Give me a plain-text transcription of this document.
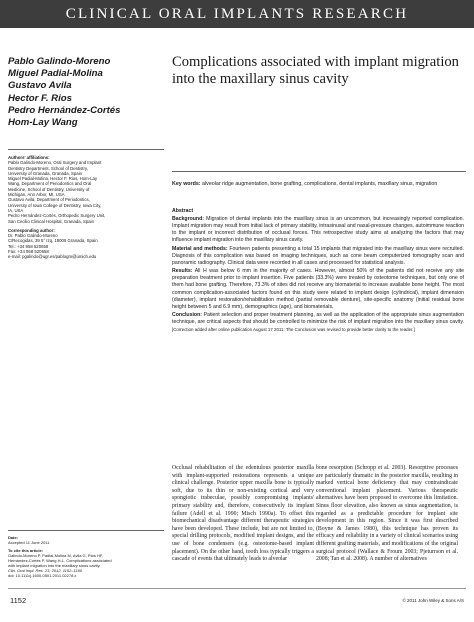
CLINICAL ORAL IMPLANTS RESEARCH
Pablo Galindo-Moreno
Miguel Padial-Molina
Gustavo Avila
Hector F. Rios
Pedro Hernández-Cortés
Hom-Lay Wang
Complications associated with implant migration into the maxillary sinus cavity
Authors' affiliations:
Pablo Galindo-Moreno, Oral Surgery and Implant
Dentistry Department, School of Dentistry,
University of Granada, Granada, Spain
Miguel Padial-Molina, Hector F. Rios, Hom-Lay
Wang, Department of Periodontics and Oral
Medicine, School of Dentistry, University of
Michigan, Ann Arbor, MI, USA
Gustavo Avila, Department of Periodontics,
University of Iowa College of Dentistry, Iowa City,
IA, USA
Pedro Hernández-Cortés, Orthopedic Surgery Unit,
San Cecilio Clinical Hospital, Granada, Spain
Corresponding author:
Dr. Pablo Galindo-Moreno
C/Recogidas, 39 5° Izq, 18005 Granada, Spain
Tel.: +34 958 520658
Fax: +34 958 520658
e-mail: pgalindo@ugr.es/pablogm@umich.edu
Key words: alveolar ridge augmentation, bone grafting, complications, dental implants, maxillary sinus, migration
Abstract

Background: Migration of dental implants into the maxillary sinus is an uncommon, but increasingly reported complication. Implant migration may result from initial lack of primary stability, intrasinusal and nasal-pressure changes, autoimmune reaction to the implant or incorrect distribution of occlusal forces. This retrospective study aims at analyzing the factors that may influence implant migration into the maxillary sinus cavity.

Material and methods: Fourteen patients presenting a total 15 implants that migrated into the maxillary sinus were recruited. Diagnosis of this complication was based on imaging techniques, such as cone beam computerized tomography scan and panoramic radiography. Clinical data were recorded in all cases and processed for statistical analysis.

Results: All H was below 6 mm in the majority of cases. However, almost 50% of the patients did not receive any site preparation treatment prior to implant insertion. Five patients (33.3%) were treated by osteotome techniques, but only one of them had bone grafting. Therefore, 73.3% of sites did not receive any biomaterial to increase available bone height. The most common complication-associated factors found on this study were related to implant design (cylindrical), implant dimension (diameter), implant restoration/rehabilitation method (partial removable denture), site-specific anatomy (initial residual bone height between 5 and 6.9 mm), demographics (age), and biomaterials.

Conclusion: Patient selection and proper treatment planning, as well as the application of the appropriate sinus augmentation technique, are critical aspects that should be controlled to minimize the risk of implant migration into the maxillary sinus cavity. [Correction added after online publication August 17 2011: The Conclusion was revised to provide better clarity to the reader.]

Date:
Accepted 11 June 2011
To cite this article:
Galindo-Moreno P, Padial-Molina M, Avila G, Rios HF,
Hernández-Cortés P, Wang H-L. Complications associated
with implant migration into the maxillary sinus cavity.
Clin. Oral Impl. Res. 23, 2012, 1152–1160
doi: 10.1111/j.1600-0501.2011.02278.x
Occlusal rehabilitation of the edentulous posterior maxilla with implant-supported restorations represents a unique clinical challenge. Posterior upper maxilla bone is typically soft, due to its thin or non-existing cortical and very spongiotic trabeculae, possibly compromising implants' primary stability and, therefore, consecutively its implant failure (Adell et al. 1990; Misch 1990a). To offset this biomechanical disadvantage different therapeutic strategies have been developed. These include, but are not limited to, special drilling protocols, modified implant designs, and the use of bone condensers (e.g. osteotome-based implant placement). On the other hand, tooth loss typically triggers a cascade of events that ultimately leads to alveolar
bone resorption (Schropp et al. 2003). Resorptive processes are particularly dramatic in the posterior maxilla, resulting in marked vertical bone deficiency that may contraindicate conventional implant placement. Various therapeutic alternatives have been proposed to overcome this limitation. Sinus floor elevation, also known as sinus augmentation, is regarded as a predictable procedure for implant site development in this region. Since it was first described (Boyne & James 1980), this technique has proven its efficacy and reliability in a variety of clinical scenarios using different grafting materials, and modifications of the original surgical protocol (Wallace & Froum 2003; Pjeturrson et al. 2008; Tan et al. 2008). A number of alternatives
1152	© 2011 John Wiley & Sons A/S
